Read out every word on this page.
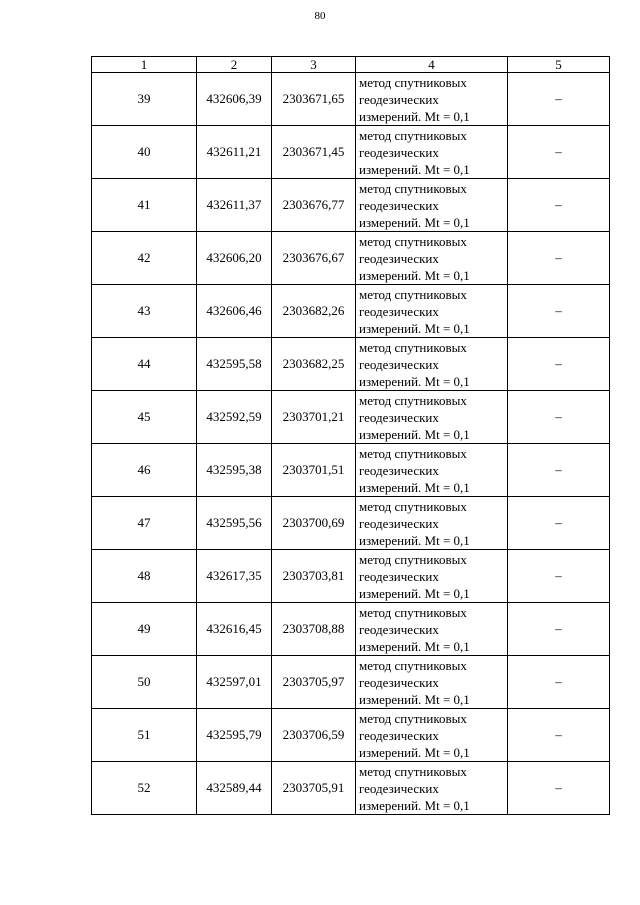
80
1	2	3	4	5
39	432606,39	2303671,65	метод спутниковых
геодезических
измерений. Mt = 0,1	–
40	432611,21	2303671,45	метод спутниковых
геодезических
измерений. Mt = 0,1	–
41	432611,37	2303676,77	метод спутниковых
геодезических
измерений. Mt = 0,1	–
42	432606,20	2303676,67	метод спутниковых
геодезических
измерений. Mt = 0,1	–
43	432606,46	2303682,26	метод спутниковых
геодезических
измерений. Mt = 0,1	–
44	432595,58	2303682,25	метод спутниковых
геодезических
измерений. Mt = 0,1	–
45	432592,59	2303701,21	метод спутниковых
геодезических
измерений. Mt = 0,1	–
46	432595,38	2303701,51	метод спутниковых
геодезических
измерений. Mt = 0,1	–
47	432595,56	2303700,69	метод спутниковых
геодезических
измерений. Mt = 0,1	–
48	432617,35	2303703,81	метод спутниковых
геодезических
измерений. Mt = 0,1	–
49	432616,45	2303708,88	метод спутниковых
геодезических
измерений. Mt = 0,1	–
50	432597,01	2303705,97	метод спутниковых
геодезических
измерений. Mt = 0,1	–
51	432595,79	2303706,59	метод спутниковых
геодезических
измерений. Mt = 0,1	–
52	432589,44	2303705,91	метод спутниковых
геодезических
измерений. Mt = 0,1	–
